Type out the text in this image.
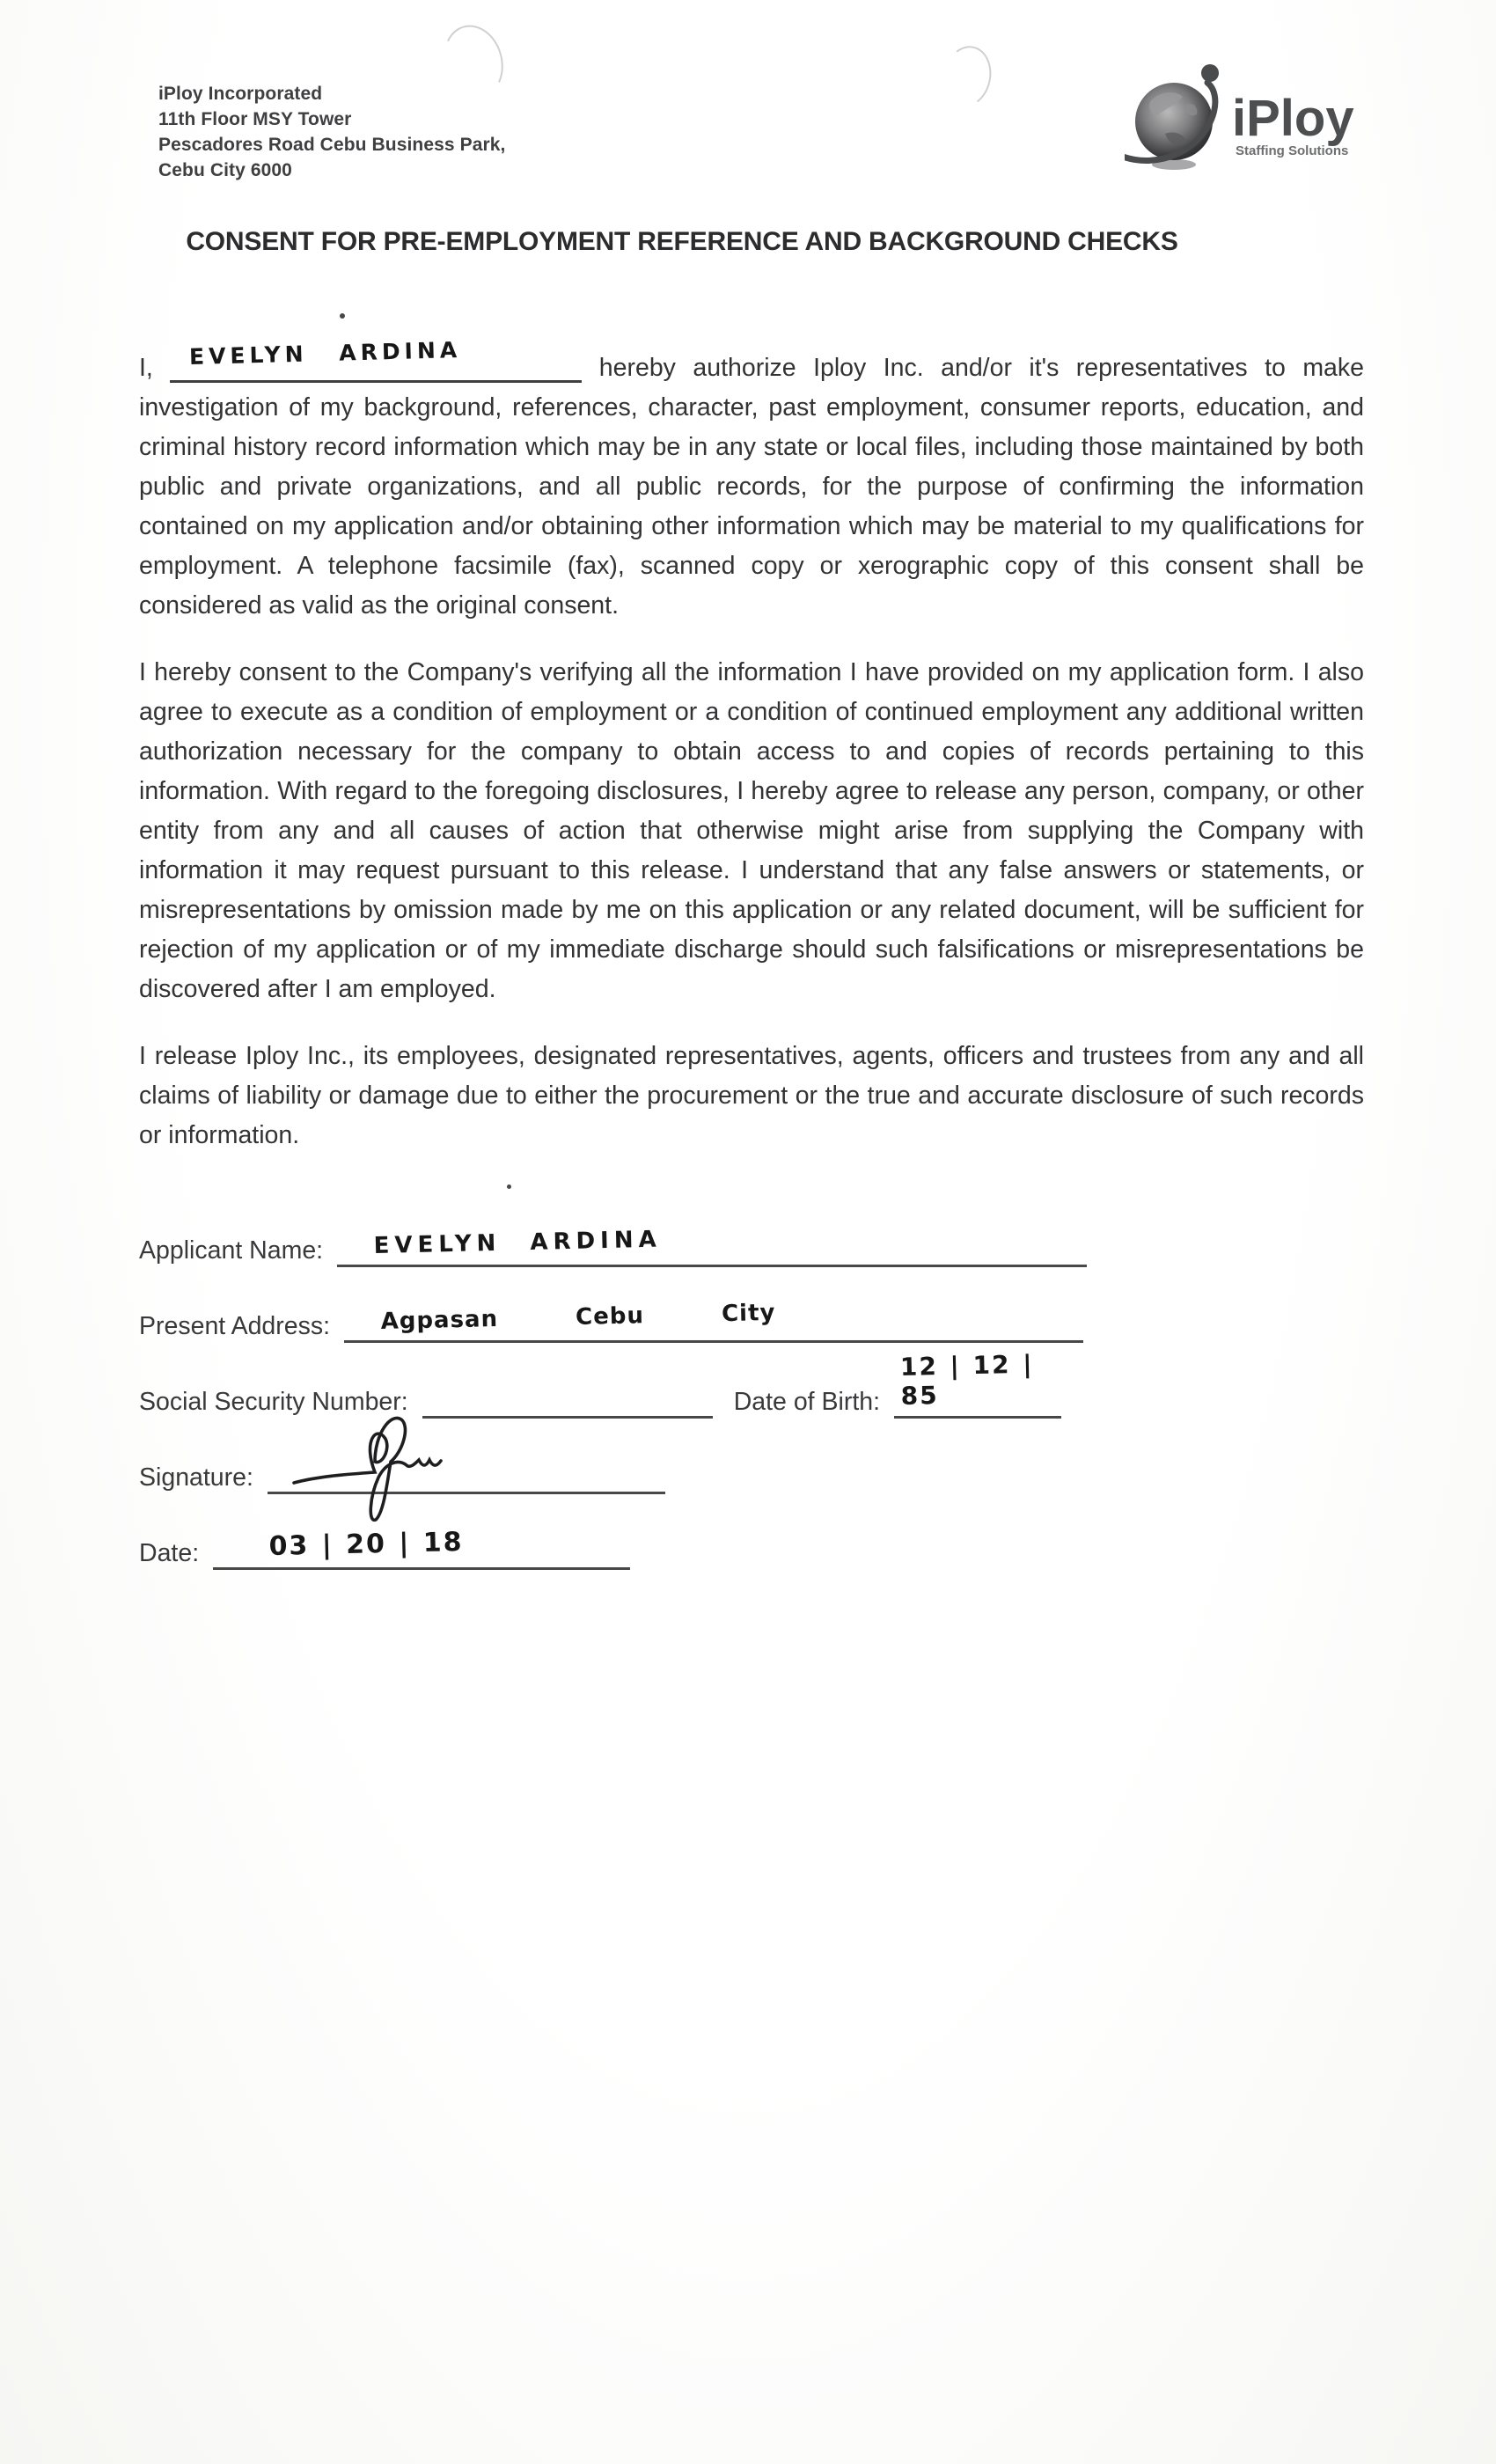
iPloy Incorporated
11th Floor MSY Tower
Pescadores Road Cebu Business Park,
Cebu City 6000
iPloy
Staffing Solutions
CONSENT FOR PRE-EMPLOYMENT REFERENCE AND BACKGROUND CHECKS

I, EVELYN ARDINA	hereby authorize Iploy Inc. and/or it's representatives to make investigation of my background, references, character, past employment, consumer reports, education, and criminal history record information which may be in any state or local files, including those maintained by both public and private organizations, and all public records, for the purpose of confirming the information contained on my application and/or obtaining other information which may be material to my qualifications for employment. A telephone facsimile (fax), scanned copy or xerographic copy of this consent shall be considered as valid as the original consent.

I hereby consent to the Company's verifying all the information I have provided on my application form. I also agree to execute as a condition of employment or a condition of continued employment any additional written authorization necessary for the company to obtain access to and copies of records pertaining to this information. With regard to the foregoing disclosures, I hereby agree to release any person, company, or other entity from any and all causes of action that otherwise might arise from supplying the Company with information it may request pursuant to this release. I understand that any false answers or statements, or misrepresentations by omission made by me on this application or any related document, will be sufficient for rejection of my application or of my immediate discharge should such falsifications or misrepresentations be discovered after I am employed.

I release Iploy Inc., its employees, designated representatives, agents, officers and trustees from any and all claims of liability or damage due to either the procurement or the true and accurate disclosure of such records or information.

Applicant Name:	EVELYN ARDINA
Present Address:	Agpasan  Cebu  City
Social Security Number:	Date of Birth:
12 | 12 | 85
Signature:
Date:	03 | 20 | 18
